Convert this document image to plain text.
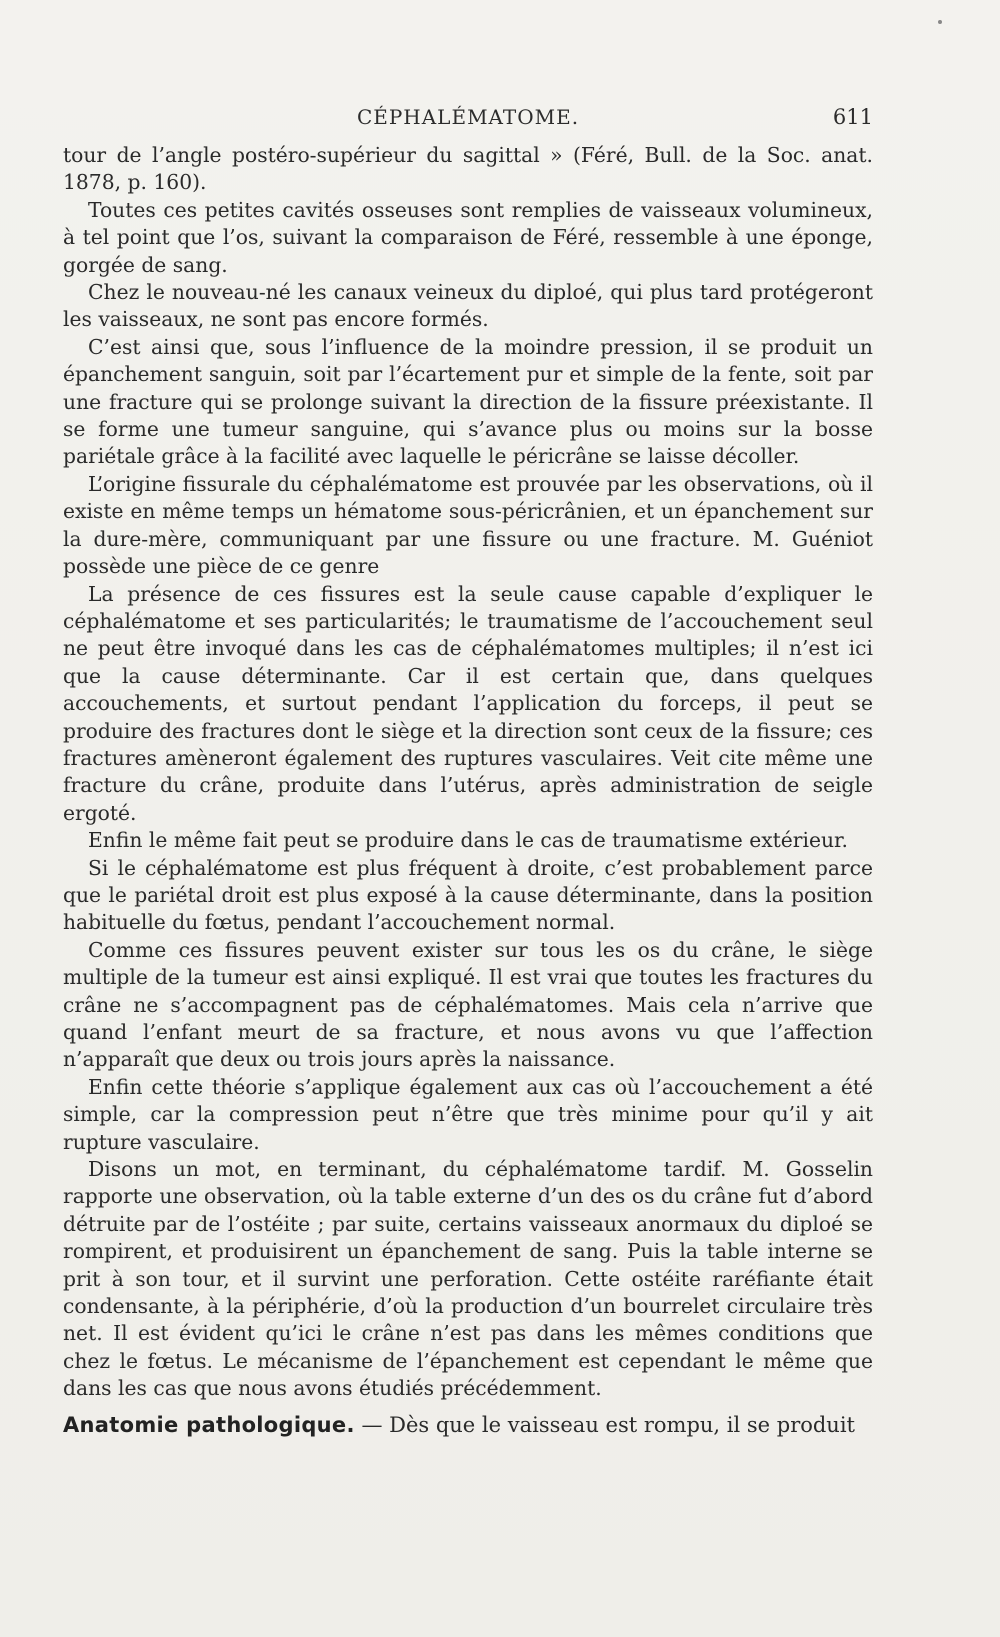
CÉPHALÉMATOME.	611

tour de l’angle postéro-supérieur du sagittal » (Féré, Bull. de la Soc. anat. 1878, p. 160).

Toutes ces petites cavités osseuses sont remplies de vaisseaux volumineux, à tel point que l’os, suivant la comparaison de Féré, ressemble à une éponge, gorgée de sang.

Chez le nouveau-né les canaux veineux du diploé, qui plus tard protégeront les vaisseaux, ne sont pas encore formés.

C’est ainsi que, sous l’influence de la moindre pression, il se produit un épanchement sanguin, soit par l’écartement pur et simple de la fente, soit par une fracture qui se prolonge suivant la direction de la fissure préexistante. Il se forme une tumeur sanguine, qui s’avance plus ou moins sur la bosse pariétale grâce à la facilité avec laquelle le péricrâne se laisse décoller.

L’origine fissurale du céphalématome est prouvée par les observations, où il existe en même temps un hématome sous-péricrânien, et un épanchement sur la dure-mère, communiquant par une fissure ou une fracture. M. Guéniot possède une pièce de ce genre

La présence de ces fissures est la seule cause capable d’expliquer le céphalématome et ses particularités; le traumatisme de l’accouchement seul ne peut être invoqué dans les cas de céphalématomes multiples; il n’est ici que la cause déterminante. Car il est certain que, dans quelques accouchements, et surtout pendant l’application du forceps, il peut se produire des fractures dont le siège et la direction sont ceux de la fissure; ces fractures amèneront également des ruptures vasculaires. Veit cite même une fracture du crâne, produite dans l’utérus, après administration de seigle ergoté.

Enfin le même fait peut se produire dans le cas de traumatisme extérieur.

Si le céphalématome est plus fréquent à droite, c’est probablement parce que le pariétal droit est plus exposé à la cause déterminante, dans la position habituelle du fœtus, pendant l’accouchement normal.

Comme ces fissures peuvent exister sur tous les os du crâne, le siège multiple de la tumeur est ainsi expliqué. Il est vrai que toutes les fractures du crâne ne s’accompagnent pas de céphalématomes. Mais cela n’arrive que quand l’enfant meurt de sa fracture, et nous avons vu que l’affection n’apparaît que deux ou trois jours après la naissance.

Enfin cette théorie s’applique également aux cas où l’accouchement a été simple, car la compression peut n’être que très minime pour qu’il y ait rupture vasculaire.

Disons un mot, en terminant, du céphalématome tardif. M. Gosselin rapporte une observation, où la table externe d’un des os du crâne fut d’abord détruite par de l’ostéite ; par suite, certains vaisseaux anormaux du diploé se rompirent, et produisirent un épanchement de sang. Puis la table interne se prit à son tour, et il survint une perforation. Cette ostéite raréfiante était condensante, à la périphérie, d’où la production d’un bourrelet circulaire très net. Il est évident qu’ici le crâne n’est pas dans les mêmes conditions que chez le fœtus. Le mécanisme de l’épanchement est cependant le même que dans les cas que nous avons étudiés précédemment.

Anatomie pathologique. — Dès que le vaisseau est rompu, il se produit
